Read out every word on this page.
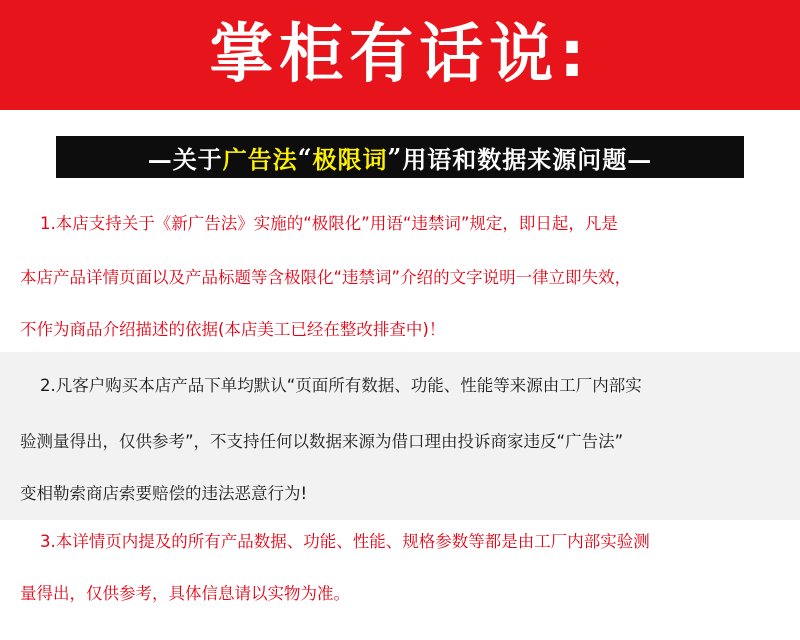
掌柜有话说:
—关于 广告法 “ 极限词 ” 用语和数据来源问题—
1.本店支持关于《新广告法》实施的“极限化”用语“违禁词”规定，即日起，凡是
本店产品详情页面以及产品标题等含极限化“违禁词”介绍的文字说明一律立即失效，
不作为商品介绍描述的依据(本店美工已经在整改排查中)！
2.凡客户购买本店产品下单均默认“页面所有数据、功能、性能等来源由工厂内部实
验测量得出，仅供参考”，不支持任何以数据来源为借口理由投诉商家违反“广告法”
变相勒索商店索要赔偿的违法恶意行为!
3.本详情页内提及的所有产品数据、功能、性能、规格参数等都是由工厂内部实验测
量得出，仅供参考，具体信息请以实物为准。
